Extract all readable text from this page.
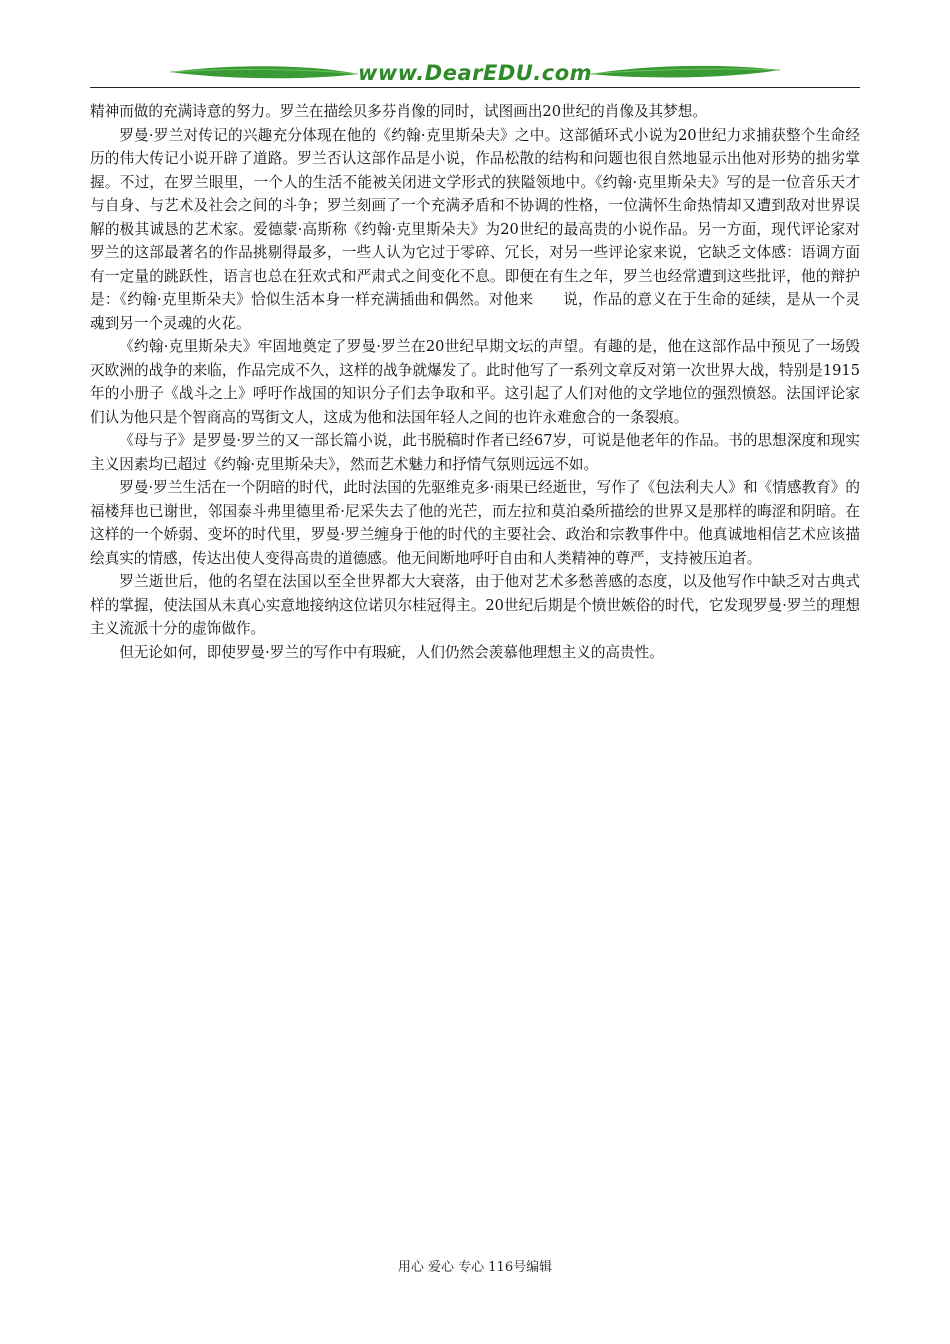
www.DearEDU.com

精神而做的充满诗意的努力。罗兰在描绘贝多芬肖像的同时，试图画出20世纪的肖像及其梦想。

罗曼·罗兰对传记的兴趣充分体现在他的《约翰·克里斯朵夫》之中。这部循环式小说为20世纪力求捕获整个生命经历的伟大传记小说开辟了道路。罗兰否认这部作品是小说，作品松散的结构和问题也很自然地显示出他对形势的拙劣掌握。不过，在罗兰眼里，一个人的生活不能被关闭进文学形式的狭隘领地中。《约翰·克里斯朵夫》写的是一位音乐天才与自身、与艺术及社会之间的斗争；罗兰刻画了一个充满矛盾和不协调的性格，一位满怀生命热情却又遭到敌对世界误解的极其诚恳的艺术家。爱德蒙·高斯称《约翰·克里斯朵夫》为20世纪的最高贵的小说作品。另一方面，现代评论家对罗兰的这部最著名的作品挑剔得最多，一些人认为它过于零碎、冗长，对另一些评论家来说，它缺乏文体感：语调方面有一定量的跳跃性，语言也总在狂欢式和严肃式之间变化不息。即便在有生之年，罗兰也经常遭到这些批评，他的辩护是：《约翰·克里斯朵夫》恰似生活本身一样充满插曲和偶然。对他来　　说，作品的意义在于生命的延续，是从一个灵魂到另一个灵魂的火花。

《约翰·克里斯朵夫》牢固地奠定了罗曼·罗兰在20世纪早期文坛的声望。有趣的是，他在这部作品中预见了一场毁灭欧洲的战争的来临，作品完成不久，这样的战争就爆发了。此时他写了一系列文章反对第一次世界大战，特别是1915年的小册子《战斗之上》呼吁作战国的知识分子们去争取和平。这引起了人们对他的文学地位的强烈愤怒。法国评论家们认为他只是个智商高的骂街文人，这成为他和法国年轻人之间的也许永难愈合的一条裂痕。

《母与子》是罗曼·罗兰的又一部长篇小说，此书脱稿时作者已经67岁，可说是他老年的作品。书的思想深度和现实主义因素均已超过《约翰·克里斯朵夫》，然而艺术魅力和抒情气氛则远远不如。

罗曼·罗兰生活在一个阴暗的时代，此时法国的先驱维克多·雨果已经逝世，写作了《包法利夫人》和《情感教育》的福楼拜也已谢世，邻国泰斗弗里德里希·尼采失去了他的光芒，而左拉和莫泊桑所描绘的世界又是那样的晦涩和阴暗。在这样的一个娇弱、变坏的时代里，罗曼·罗兰缠身于他的时代的主要社会、政治和宗教事件中。他真诚地相信艺术应该描绘真实的情感，传达出使人变得高贵的道德感。他无间断地呼吁自由和人类精神的尊严，支持被压迫者。

罗兰逝世后，他的名望在法国以至全世界都大大衰落，由于他对艺术多愁善感的态度，以及他写作中缺乏对古典式样的掌握，使法国从未真心实意地接纳这位诺贝尔桂冠得主。20世纪后期是个愤世嫉俗的时代，它发现罗曼·罗兰的理想主义流派十分的虚饰做作。

但无论如何，即使罗曼·罗兰的写作中有瑕疵，人们仍然会羡慕他理想主义的高贵性。

用心 爱心 专心 116号编辑
